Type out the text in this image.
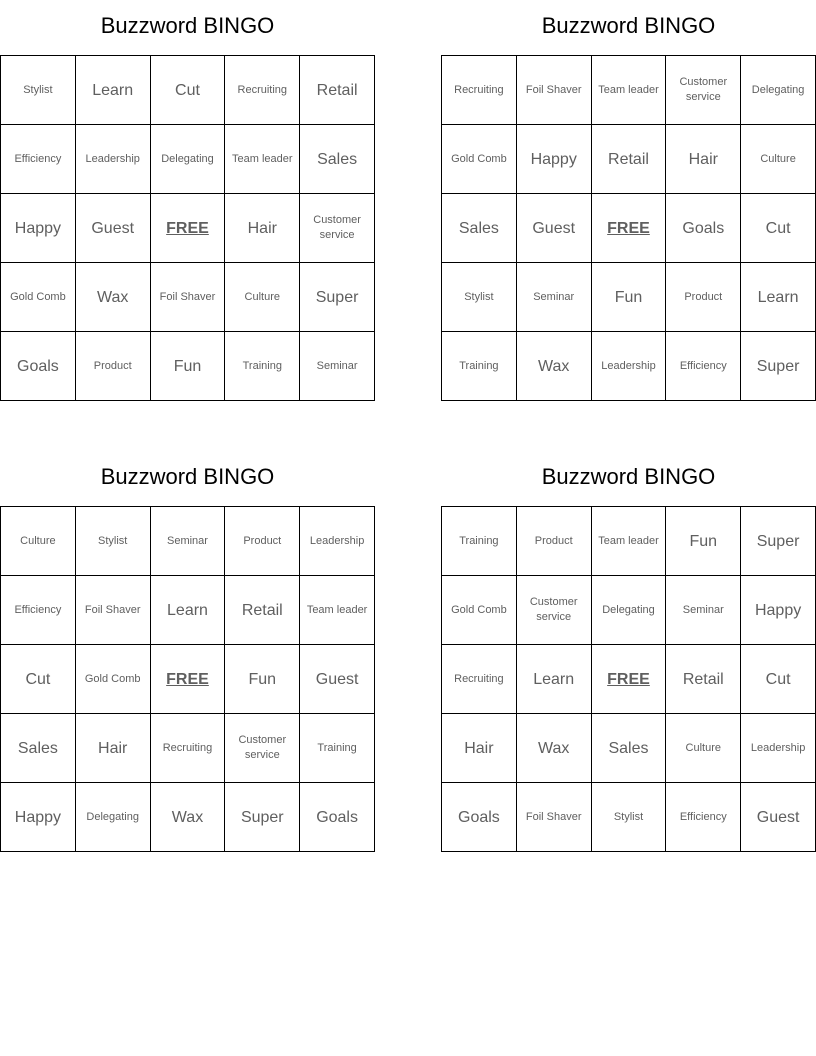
Buzzword BINGO
Stylist	Learn	Cut	Recruiting	Retail
Efficiency	Leadership	Delegating	Team leader	Sales
Happy	Guest	FREE	Hair	Customer service
Gold Comb	Wax	Foil Shaver	Culture	Super
Goals	Product	Fun	Training	Seminar
Buzzword BINGO
Recruiting	Foil Shaver	Team leader	Customer service	Delegating
Gold Comb	Happy	Retail	Hair	Culture
Sales	Guest	FREE	Goals	Cut
Stylist	Seminar	Fun	Product	Learn
Training	Wax	Leadership	Efficiency	Super
Buzzword BINGO
Culture	Stylist	Seminar	Product	Leadership
Efficiency	Foil Shaver	Learn	Retail	Team leader
Cut	Gold Comb	FREE	Fun	Guest
Sales	Hair	Recruiting	Customer service	Training
Happy	Delegating	Wax	Super	Goals
Buzzword BINGO
Training	Product	Team leader	Fun	Super
Gold Comb	Customer service	Delegating	Seminar	Happy
Recruiting	Learn	FREE	Retail	Cut
Hair	Wax	Sales	Culture	Leadership
Goals	Foil Shaver	Stylist	Efficiency	Guest
